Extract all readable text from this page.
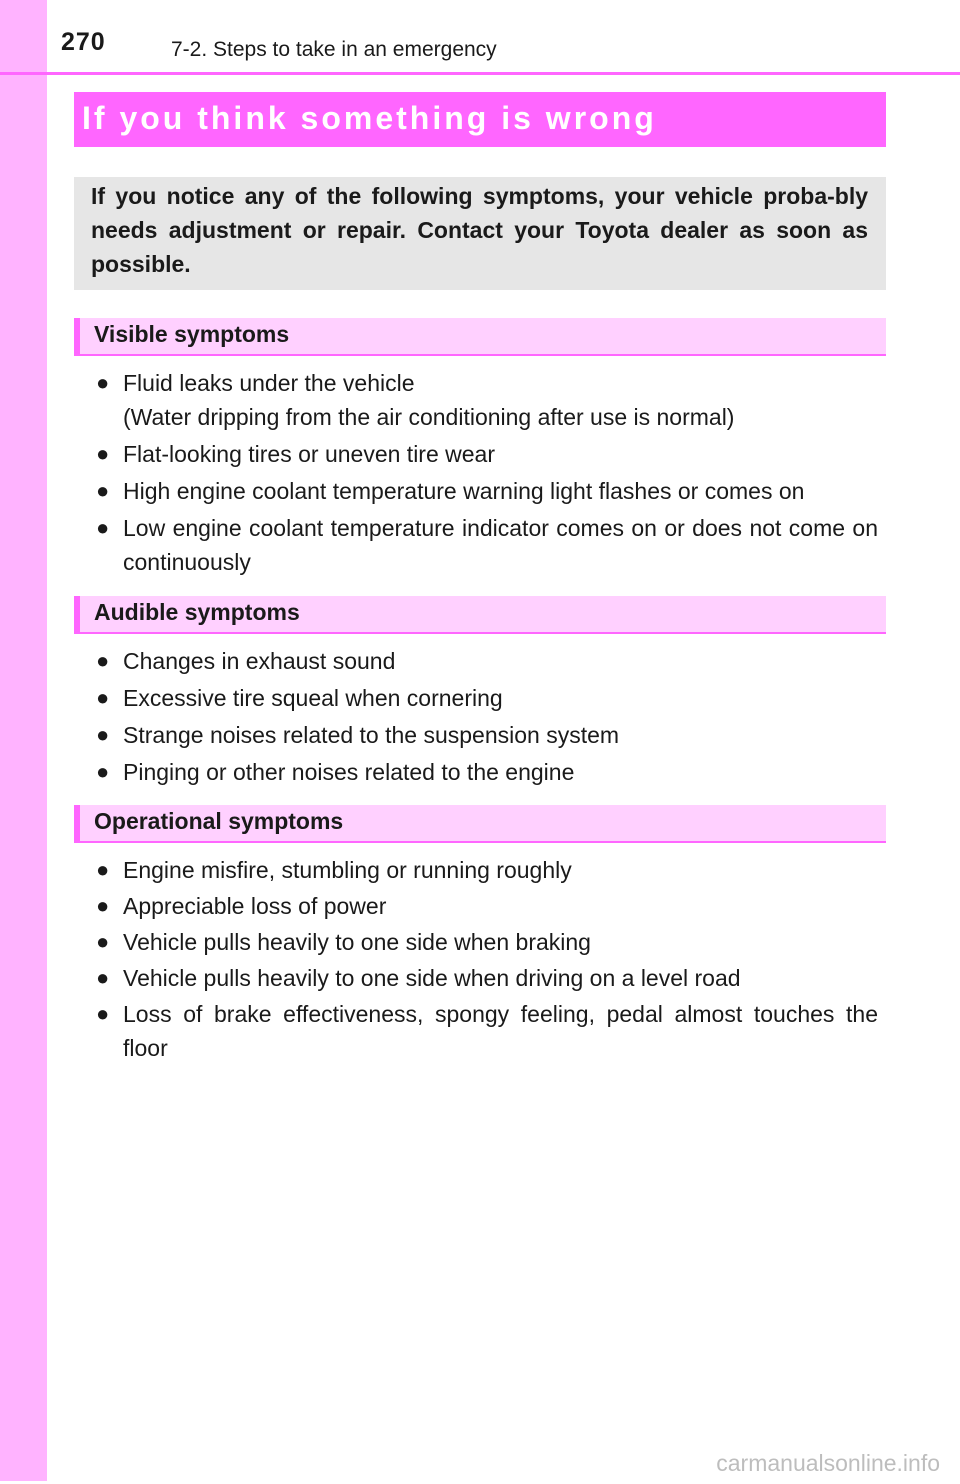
270	7-2. Steps to take in an emergency
If you think something is wrong
If you notice any of the following symptoms, your vehicle proba-bly needs adjustment or repair. Contact your Toyota dealer as soon as possible.
Visible symptoms
● Fluid leaks under the vehicle
(Water dripping from the air conditioning after use is normal)
● Flat-looking tires or uneven tire wear
● High engine coolant temperature warning light flashes or comes on
● Low engine coolant temperature indicator comes on or does not come on continuously
Audible symptoms
● Changes in exhaust sound
● Excessive tire squeal when cornering
● Strange noises related to the suspension system
● Pinging or other noises related to the engine
Operational symptoms
● Engine misfire, stumbling or running roughly
● Appreciable loss of power
● Vehicle pulls heavily to one side when braking
● Vehicle pulls heavily to one side when driving on a level road
● Loss of brake effectiveness, spongy feeling, pedal almost touches the floor
carmanualsonline.info
